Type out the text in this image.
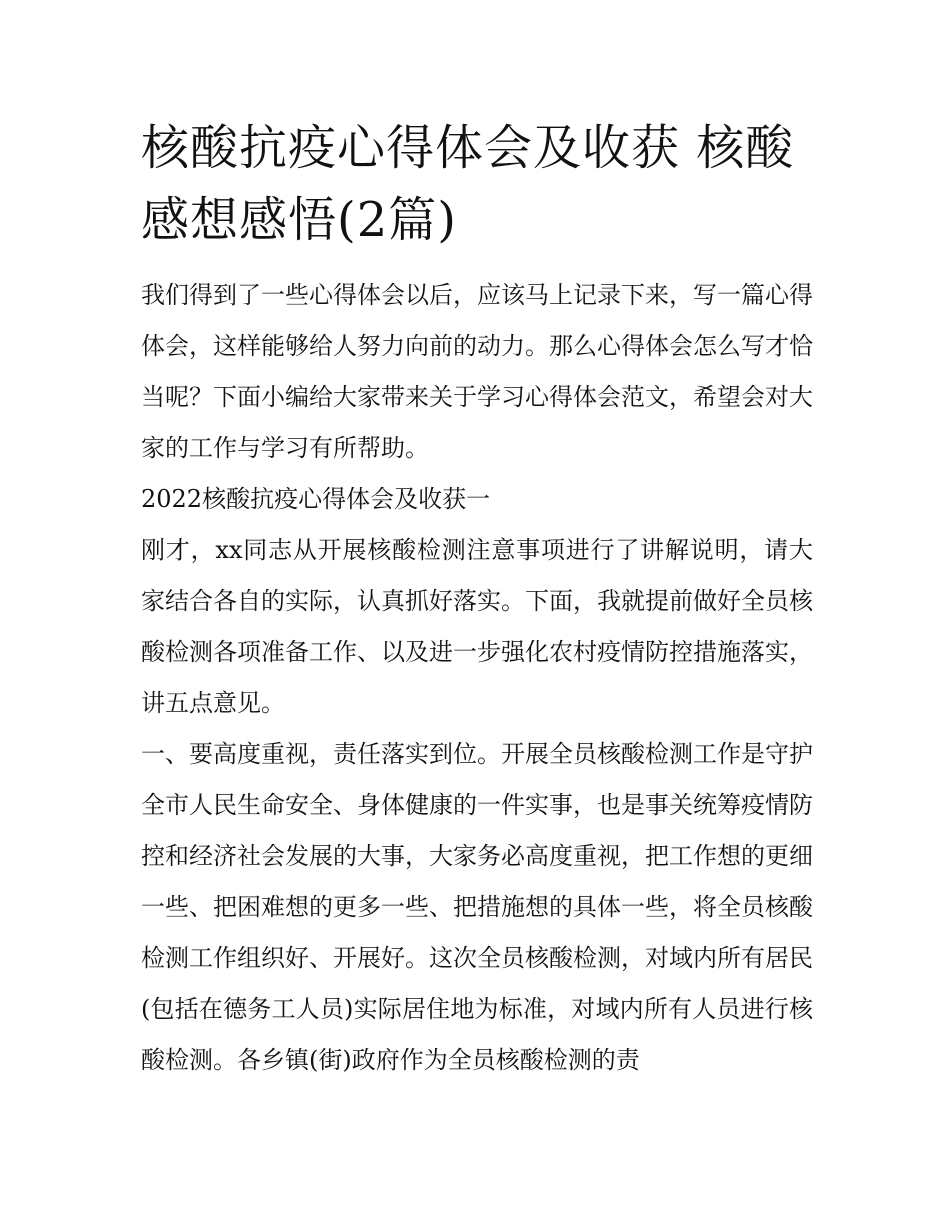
核酸抗疫心得体会及收获 核酸感想感悟(2篇)

我们得到了一些心得体会以后，应该马上记录下来，写一篇心得体会，这样能够给人努力向前的动力。那么心得体会怎么写才恰当呢？下面小编给大家带来关于学习心得体会范文，希望会对大家的工作与学习有所帮助。

2022核酸抗疫心得体会及收获一

刚才，xx同志从开展核酸检测注意事项进行了讲解说明，请大家结合各自的实际，认真抓好落实。下面，我就提前做好全员核酸检测各项准备工作、以及进一步强化农村疫情防控措施落实，讲五点意见。

一、要高度重视，责任落实到位。开展全员核酸检测工作是守护全市人民生命安全、身体健康的一件实事，也是事关统筹疫情防控和经济社会发展的大事，大家务必高度重视，把工作想的更细一些、把困难想的更多一些、把措施想的具体一些，将全员核酸检测工作组织好、开展好。这次全员核酸检测，对域内所有居民(包括在德务工人员)实际居住地为标准，对域内所有人员进行核酸检测。各乡镇(街)政府作为全员核酸检测的责
